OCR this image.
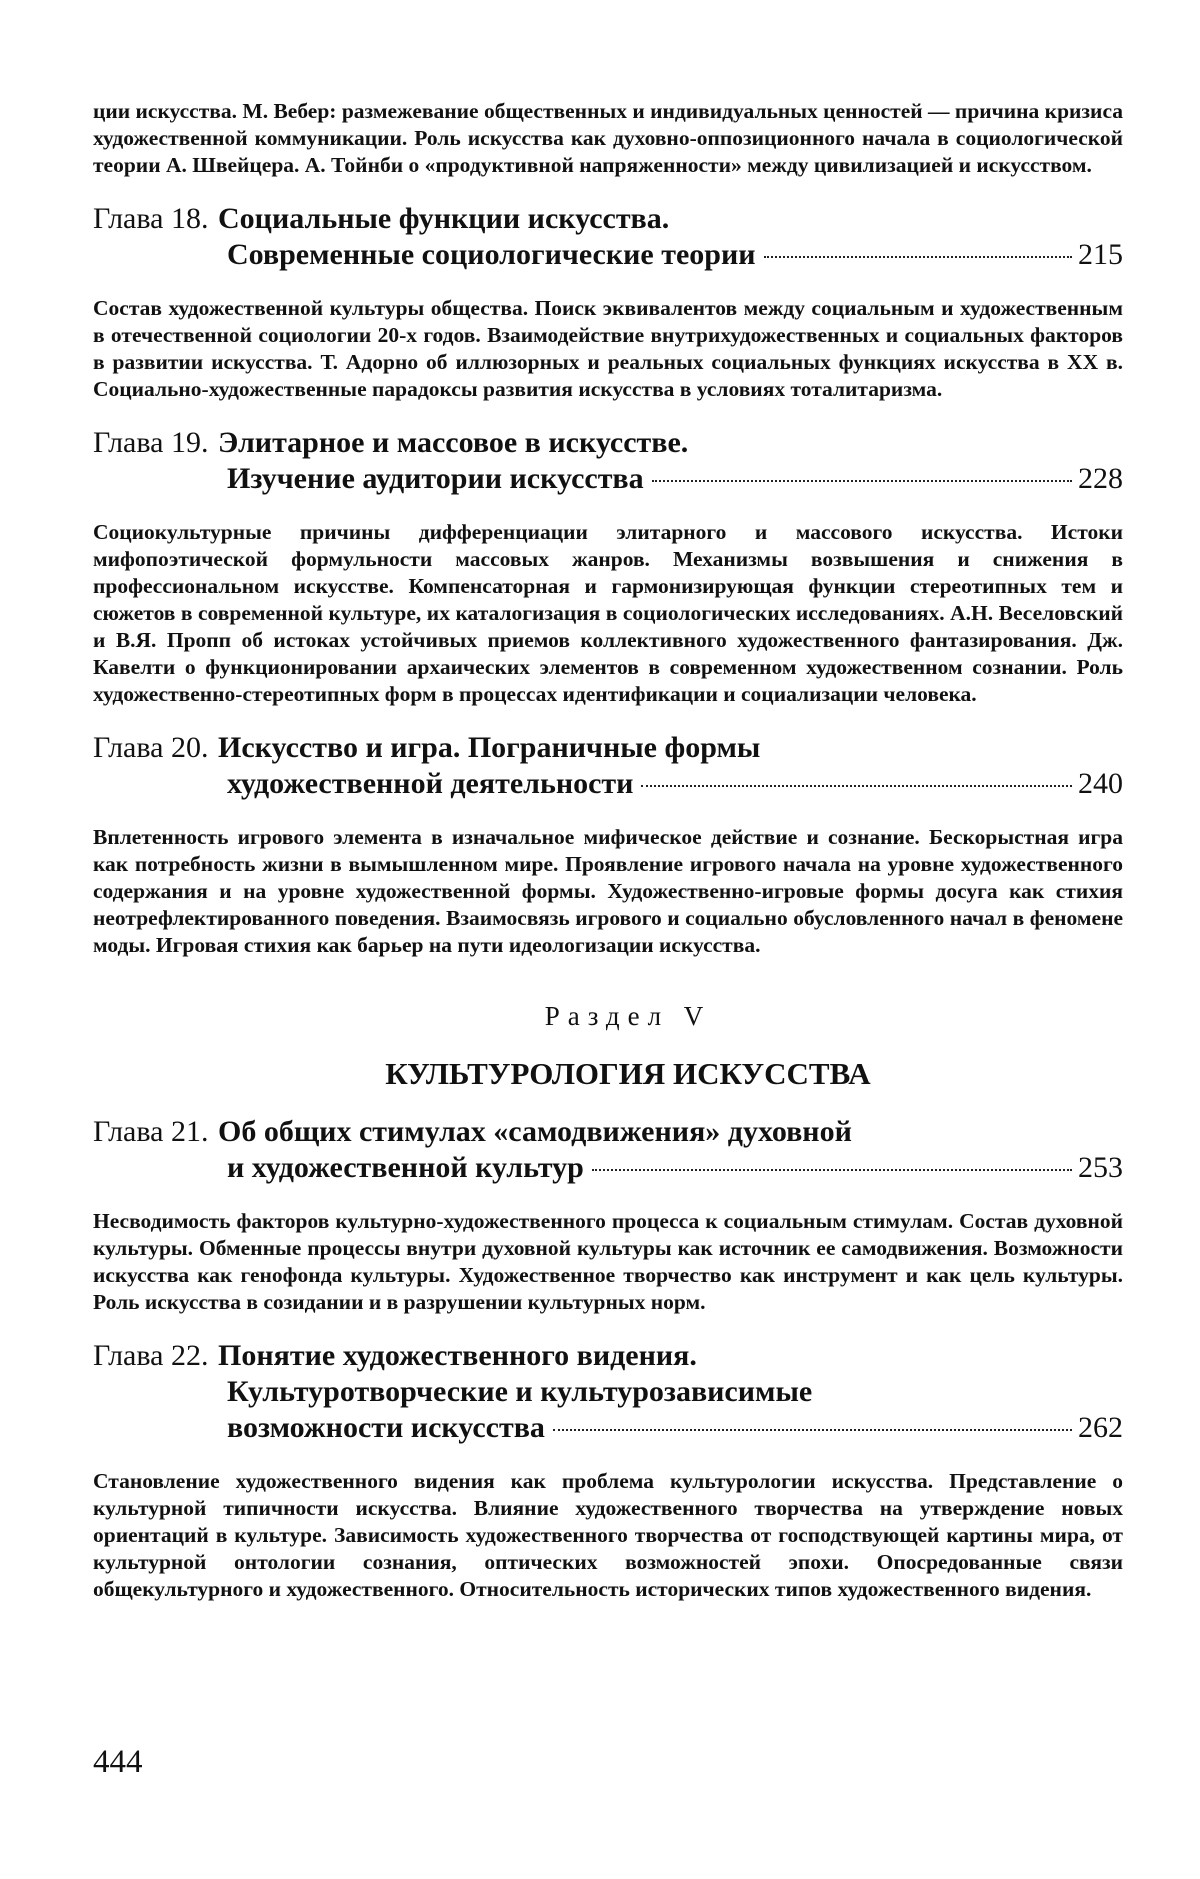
ции искусства. М. Вебер: размежевание общественных и индивидуальных ценностей — причина кризиса художественной коммуникации. Роль искусства как духовно-оппозиционного начала в социологической теории А. Швейцера. А. Тойнби о «продуктивной напряженности» между цивилизацией и искусством.

Глава 18. Социальные функции искусства.
Современные социологические теории	215

Состав художественной культуры общества. Поиск эквивалентов между социальным и художественным в отечественной социологии 20-х годов. Взаимодействие внутрихудожественных и социальных факторов в развитии искусства. Т. Адорно об иллюзорных и реальных социальных функциях искусства в XX в. Социально-художественные парадоксы развития искусства в условиях тоталитаризма.

Глава 19. Элитарное и массовое в искусстве.
Изучение аудитории искусства	228

Социокультурные причины дифференциации элитарного и массового искусства. Истоки мифопоэтической формульности массовых жанров. Механизмы возвышения и снижения в профессиональном искусстве. Компенсаторная и гармонизирующая функции стереотипных тем и сюжетов в современной культуре, их каталогизация в социологических исследованиях. А.Н. Веселовский и В.Я. Пропп об истоках устойчивых приемов коллективного художественного фантазирования. Дж. Кавелти о функционировании архаических элементов в современном художественном сознании. Роль художественно-стереотипных форм в процессах идентификации и социализации человека.

Глава 20. Искусство и игра. Пограничные формы
художественной деятельности	240

Вплетенность игрового элемента в изначальное мифическое действие и сознание. Бескорыстная игра как потребность жизни в вымышленном мире. Проявление игрового начала на уровне художественного содержания и на уровне художественной формы. Художественно-игровые формы досуга как стихия неотрефлектированного поведения. Взаимосвязь игрового и социально обусловленного начал в феномене моды. Игровая стихия как барьер на пути идеологизации искусства.

Раздел V
КУЛЬТУРОЛОГИЯ ИСКУССТВА
Глава 21. Об общих стимулах «самодвижения» духовной
и художественной культур	253

Несводимость факторов культурно-художественного процесса к социальным стимулам. Состав духовной культуры. Обменные процессы внутри духовной культуры как источник ее самодвижения. Возможности искусства как генофонда культуры. Художественное творчество как инструмент и как цель культуры. Роль искусства в созидании и в разрушении культурных норм.

Глава 22. Понятие художественного видения.
Культуротворческие и культурозависимые
возможности искусства	262

Становление художественного видения как проблема культурологии искусства. Представление о культурной типичности искусства. Влияние художественного творчества на утверждение новых ориентаций в культуре. Зависимость художественного творчества от господствующей картины мира, от культурной онтологии сознания, оптических возможностей эпохи. Опосредованные связи общекультурного и художественного. Относительность исторических типов художественного видения.

444
